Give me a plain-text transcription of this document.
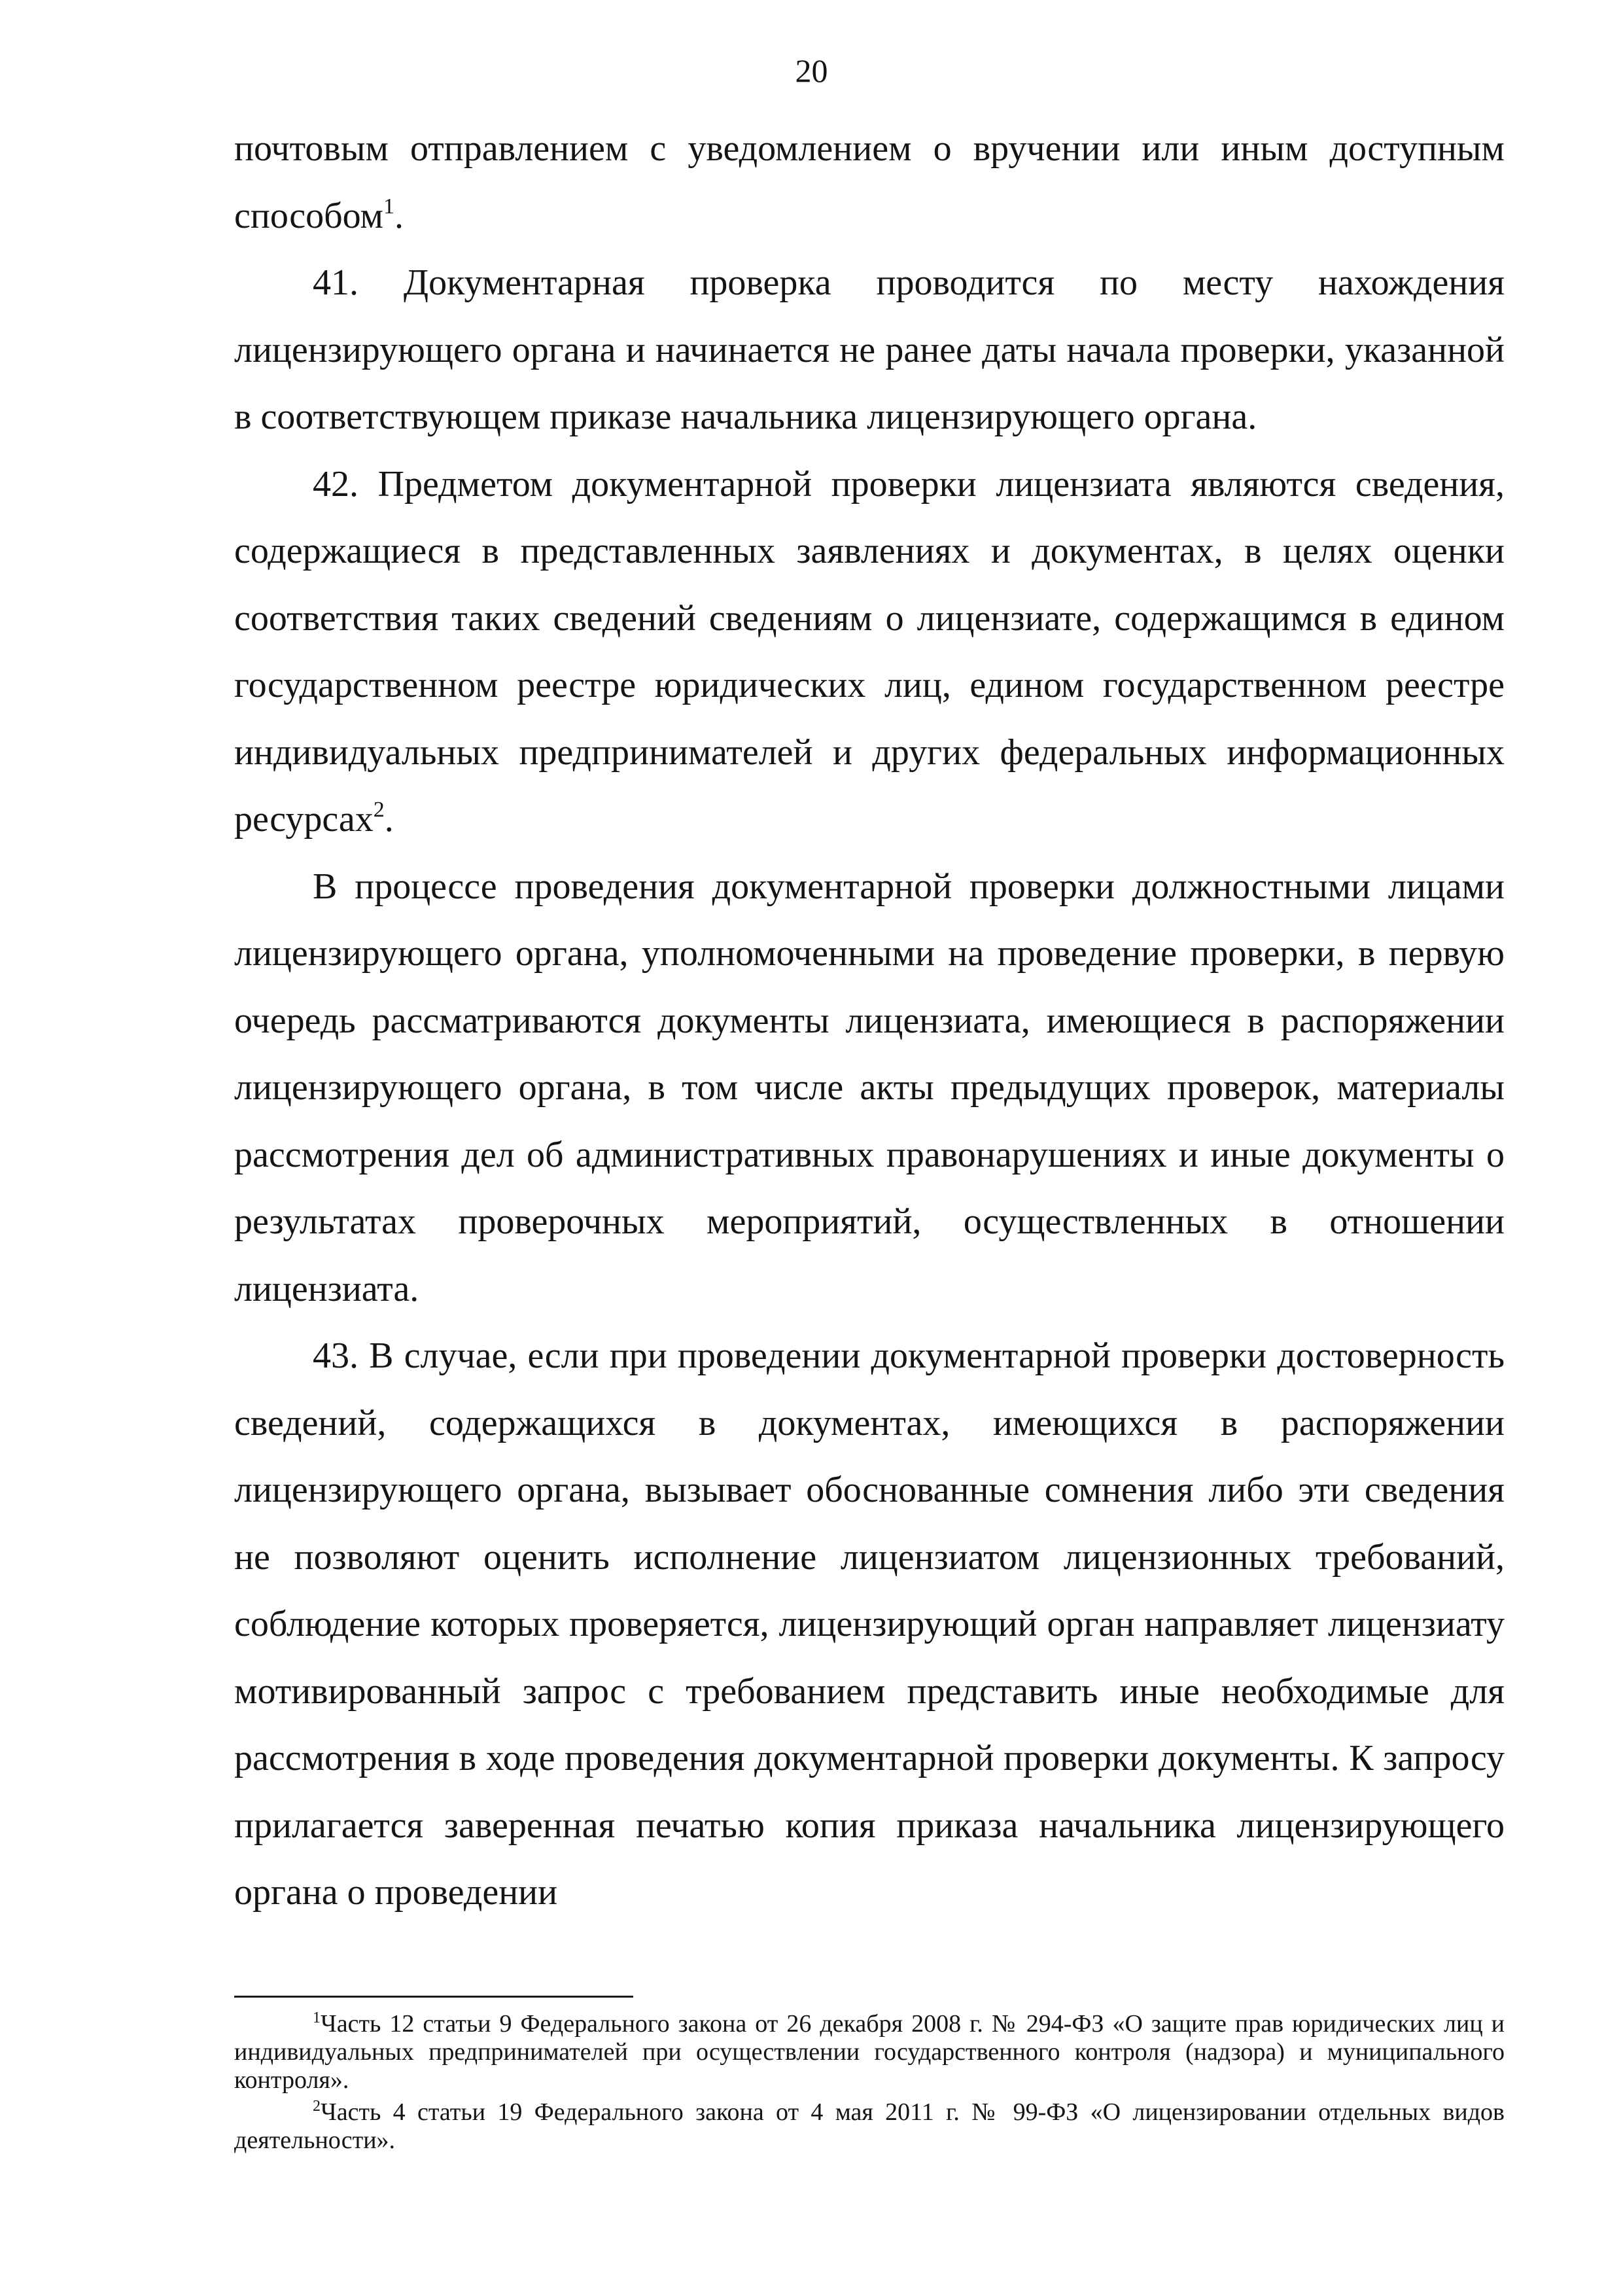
20

почтовым отправлением с уведомлением о вручении или иным доступным способом$^1$.

41. Документарная проверка проводится по месту нахождения лицензирующего органа и начинается не ранее даты начала проверки, указанной в соответствующем приказе начальника лицензирующего органа.

42. Предметом документарной проверки лицензиата являются сведения, содержащиеся в представленных заявлениях и документах, в целях оценки соответствия таких сведений сведениям о лицензиате, содержащимся в едином государственном реестре юридических лиц, едином государственном реестре индивидуальных предпринимателей и других федеральных информационных ресурсах$^2$.

В процессе проведения документарной проверки должностными лицами лицензирующего органа, уполномоченными на проведение проверки, в первую очередь рассматриваются документы лицензиата, имеющиеся в распоряжении лицензирующего органа, в том числе акты предыдущих проверок, материалы рассмотрения дел об административных правонарушениях и иные документы о результатах проверочных мероприятий, осуществленных в отношении лицензиата.

43. В случае, если при проведении документарной проверки достоверность сведений, содержащихся в документах, имеющихся в распоряжении лицензирующего органа, вызывает обоснованные сомнения либо эти сведения не позволяют оценить исполнение лицензиатом лицензионных требований, соблюдение которых проверяется, лицензирующий орган направляет лицензиату мотивированный запрос с требованием представить иные необходимые для рассмотрения в ходе проведения документарной проверки документы. К запросу прилагается заверенная печатью копия приказа начальника лицензирующего органа о проведении

$^1$Часть 12 статьи 9 Федерального закона от 26 декабря 2008 г. № 294-ФЗ «О защите прав юридических лиц и индивидуальных предпринимателей при осуществлении государственного контроля (надзора) и муниципального контроля».

$^2$Часть 4 статьи 19 Федерального закона от 4 мая 2011 г. № 99-ФЗ «О лицензировании отдельных видов деятельности».
